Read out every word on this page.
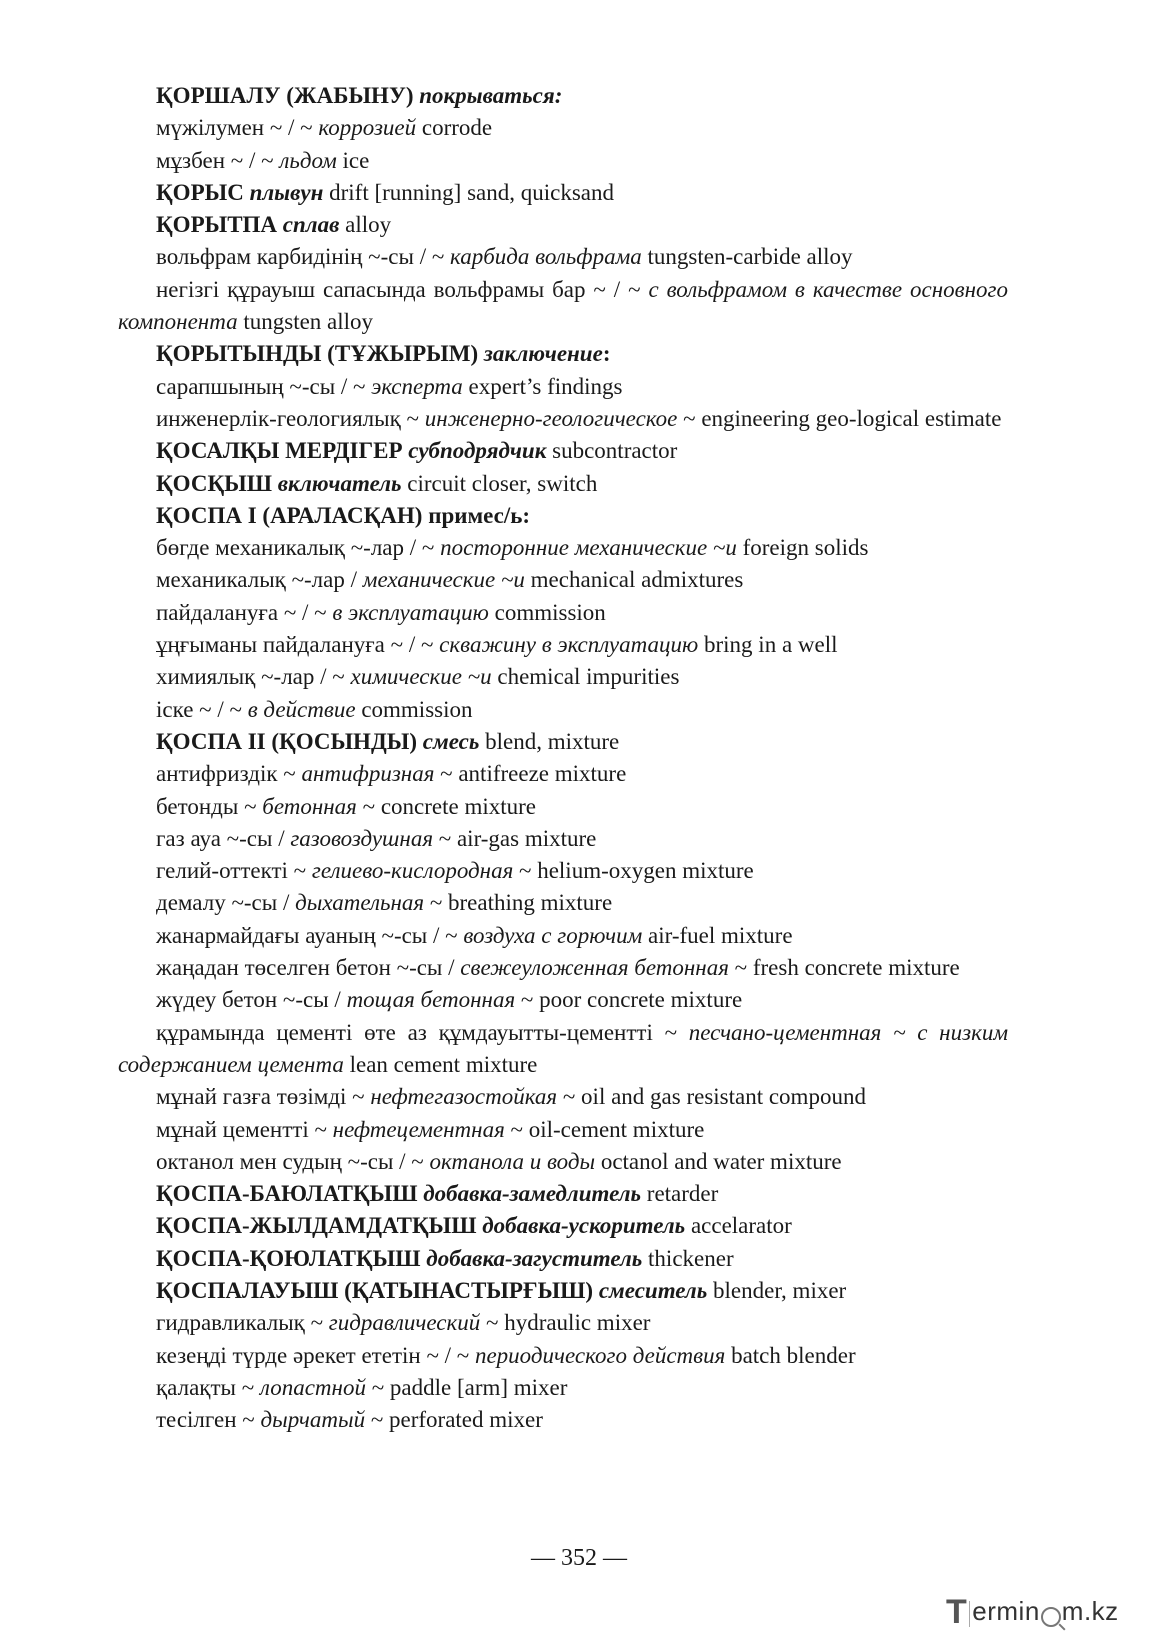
ҚОРШАЛУ (ЖАБЫНУ) покрываться:

мүжілумен ~ / ~ коррозией corrode

мұзбен ~ / ~ льдом ice

ҚОРЫС плывун drift [running] sand, quicksand

ҚОРЫТПА сплав alloy

вольфрам карбидінің ~-сы / ~ карбида вольфрама tungsten-carbide alloy

негізгі құрауыш сапасында вольфрамы бар ~ / ~ с вольфрамом в качестве основного компонента tungsten alloy

ҚОРЫТЫНДЫ (ТҰЖЫРЫМ) заключение:

сарапшының ~-сы / ~ эксперта expert’s findings

инженерлік-геологиялық ~ инженерно-геологическое ~ engineering geo-logical estimate

ҚОСАЛҚЫ МЕРДІГЕР субподрядчик subcontractor

ҚОСҚЫШ включатель circuit closer, switch

ҚОСПА I (АРАЛАСҚАН) примес/ь:

бөгде механикалық ~-лар / ~ посторонние механические ~и foreign solids

механикалық ~-лар / механические ~и mechanical admixtures

пайдалануға ~ / ~ в эксплуатацию commission

ұңғыманы пайдалануға ~ / ~ скважину в эксплуатацию bring in a well

химиялық ~-лар / ~ химические ~и chemical impurities

іске ~ / ~ в действие commission

ҚОСПА II (ҚОСЫНДЫ) смесь blend, mixture

антифриздік ~ антифризная ~ antifreeze mixture

бетонды ~ бетонная ~ concrete mixture

газ ауа ~-сы / газовоздушная ~ air-gas mixture

гелий-оттекті ~ гелиево-кислородная ~ helium-oxygen mixture

демалу ~-сы / дыхательная ~ breathing mixture

жанармайдағы ауаның ~-сы / ~ воздуха с горючим air-fuel mixture

жаңадан төселген бетон ~-сы / свежеуложенная бетонная ~ fresh concrete mixture

жүдеу бетон ~-сы / тощая бетонная ~ poor concrete mixture

құрамында цементі өте аз құмдауытты-цементті ~ песчано-цементная ~ с низким содержанием цемента lean cement mixture

мұнай газға төзімді ~ нефтегазостойкая ~ oil and gas resistant compound

мұнай цементті ~ нефтецементная ~ oil-cement mixture

октанол мен судың ~-сы / ~ октанола и воды octanol and water mixture

ҚОСПА-БАЮЛАТҚЫШ добавка-замедлитель retarder

ҚОСПА-ЖЫЛДАМДАТҚЫШ добавка-ускоритель accelarator

ҚОСПА-ҚОЮЛАТҚЫШ добавка-загуститель thickener

ҚОСПАЛАУЫШ (ҚАТЫНАСТЫРҒЫШ) смеситель blender, mixer

гидравликалық ~ гидравлический ~ hydraulic mixer

кезеңді түрде әрекет ететін ~ / ~ периодического действия batch blender

қалақты ~ лопастной ~ paddle [arm] mixer

тесілген ~ дырчатый ~ perforated mixer

— 352 —
T ermin m.kz
